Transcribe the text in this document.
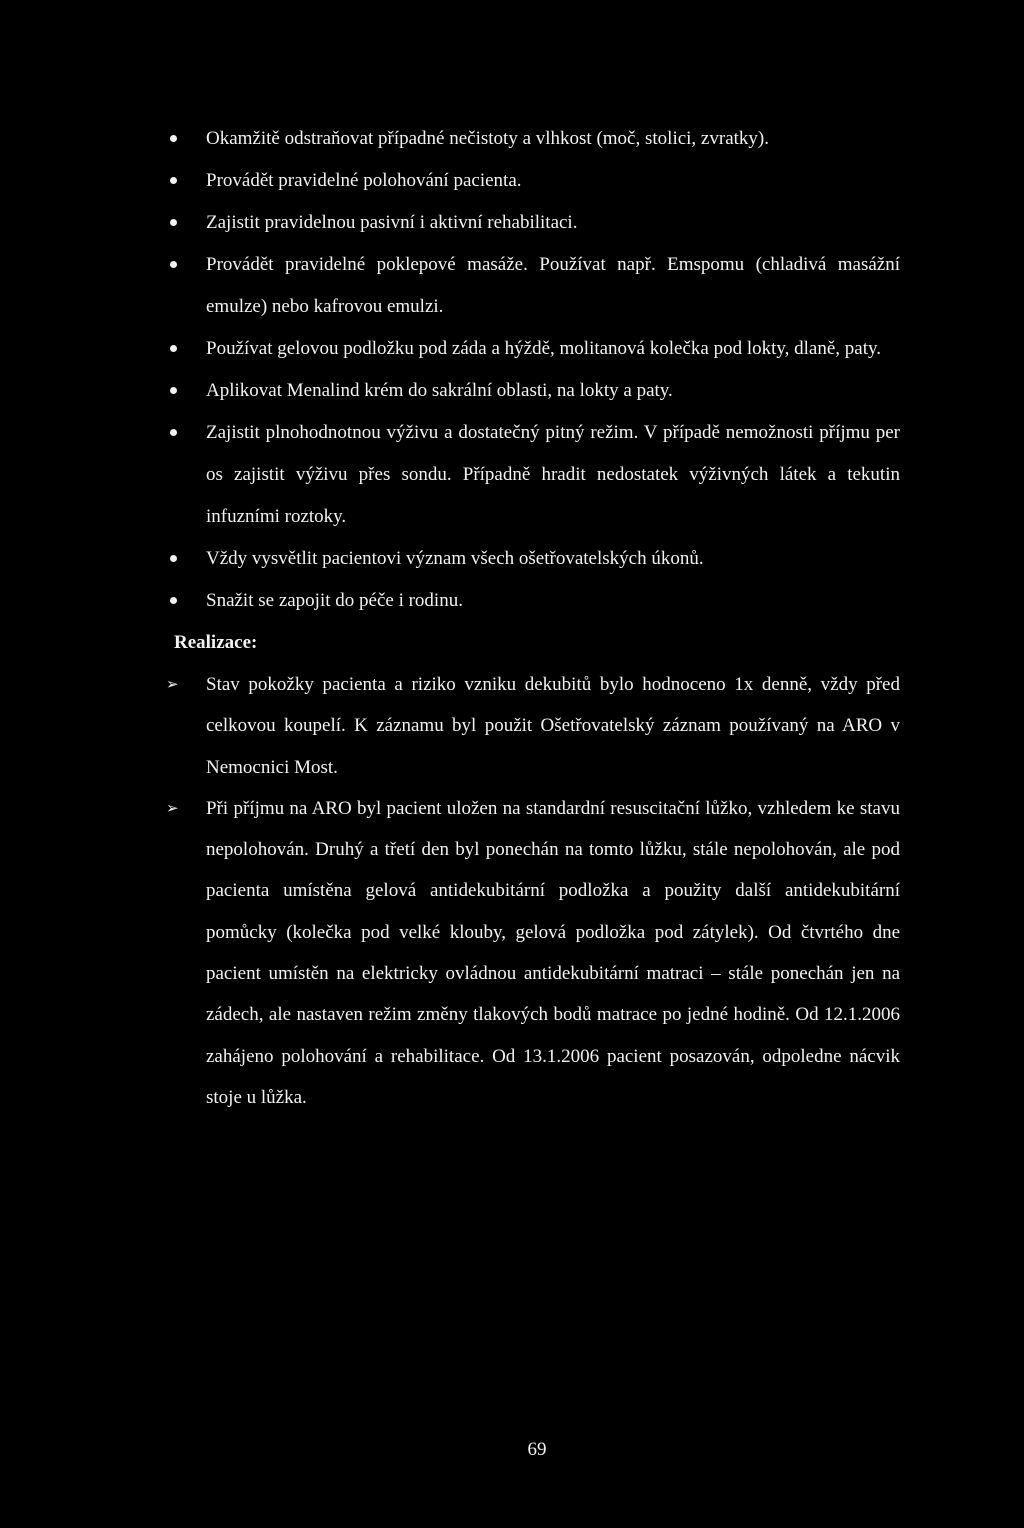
Okamžitě odstraňovat případné nečistoty a vlhkost (moč, stolici, zvratky).
Provádět pravidelné polohování pacienta.
Zajistit pravidelnou pasivní i aktivní rehabilitaci.
Provádět pravidelné poklepové masáže. Používat např. Emspomu (chladivá masážní emulze) nebo kafrovou emulzi.
Používat gelovou podložku pod záda a hýždě, molitanová kolečka pod lokty, dlaně, paty.
Aplikovat Menalind krém do sakrální oblasti, na lokty a paty.
Zajistit plnohodnotnou výživu a dostatečný pitný režim. V případě nemožnosti příjmu per os zajistit výživu přes sondu. Případně hradit nedostatek výživných látek a tekutin infuzními roztoky.
Vždy vysvětlit pacientovi význam všech ošetřovatelských úkonů.
Snažit se zapojit do péče i rodinu.
Realizace:
➢ Stav pokožky pacienta a riziko vzniku dekubitů bylo hodnoceno 1x denně, vždy před celkovou koupelí. K záznamu byl použit Ošetřovatelský záznam používaný na ARO v Nemocnici Most.
➢ Při příjmu na ARO byl pacient uložen na standardní resuscitační lůžko, vzhledem ke stavu nepolohován. Druhý a třetí den byl ponechán na tomto lůžku, stále nepolohován, ale pod pacienta umístěna gelová antidekubitární podložka a použity další antidekubitární pomůcky (kolečka pod velké klouby, gelová podložka pod zátylek). Od čtvrtého dne pacient umístěn na elektricky ovládnou antidekubitární matraci – stále ponechán jen na zádech, ale nastaven režim změny tlakových bodů matrace po jedné hodině. Od 12.1.2006 zahájeno polohování a rehabilitace. Od 13.1.2006 pacient posazován, odpoledne nácvik stoje u lůžka.
69
